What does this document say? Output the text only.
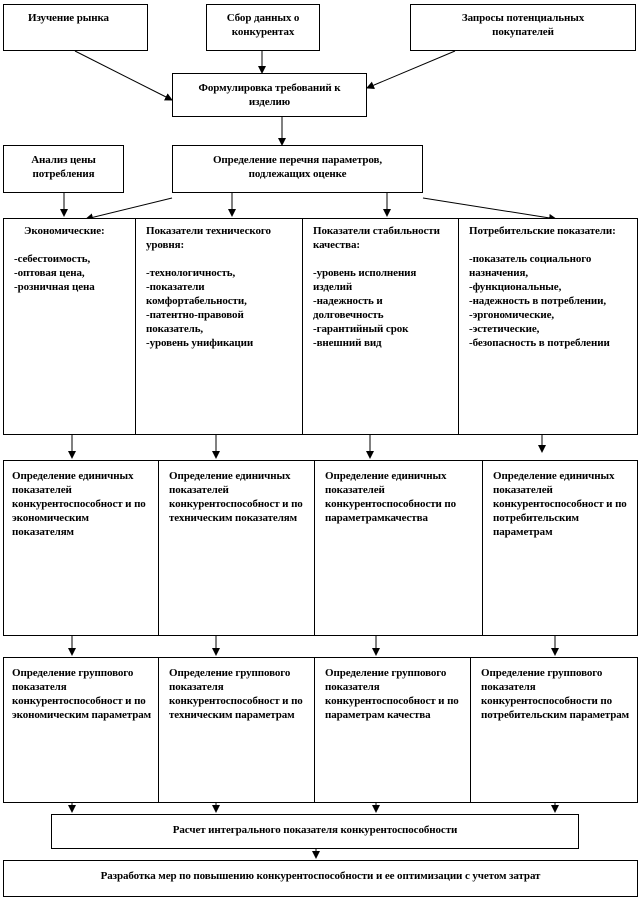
Изучение рынка	Сбор данных о конкурентах
Запросы потенциальных покупателей
Формулировка требований к изделию
Анализ цены потребления
Определение перечня параметров, подлежащих оценке
Экономические:
-себестоимость,
-оптовая цена,
-розничная цена
Показатели технического уровня:
-технологичность,
-показатели комфортабельности,
-патентно-правовой показатель,
-уровень унификации
Показатели стабильности качества:
-уровень исполнения изделий
-надежность и долговечность
-гарантийный срок
-внешний вид
Потребительские показатели:
-показатель социального назначения,
-функциональные,
-надежность в потреблении,
-эргономические,
-эстетические,
-безопасность в потреблении
Определение единичных показателей конкурентоспособност и по экономическим показателям
Определение единичных показателей конкурентоспособност и по техническим показателям
Определение единичных показателей конкурентоспособности по параметрамкачества
Определение единичных показателей конкурентоспособност и по потребительским параметрам
Определение группового показателя конкурентоспособност и по экономическим параметрам
Определение группового показателя конкурентоспособност и по техническим параметрам
Определение группового показателя конкурентоспособност и по параметрам качества
Определение группового показателя конкурентоспособности по потребительским параметрам
Расчет интегрального показателя конкурентоспособности
Разработка мер по повышению конкурентоспособности и ее оптимизации с учетом затрат
